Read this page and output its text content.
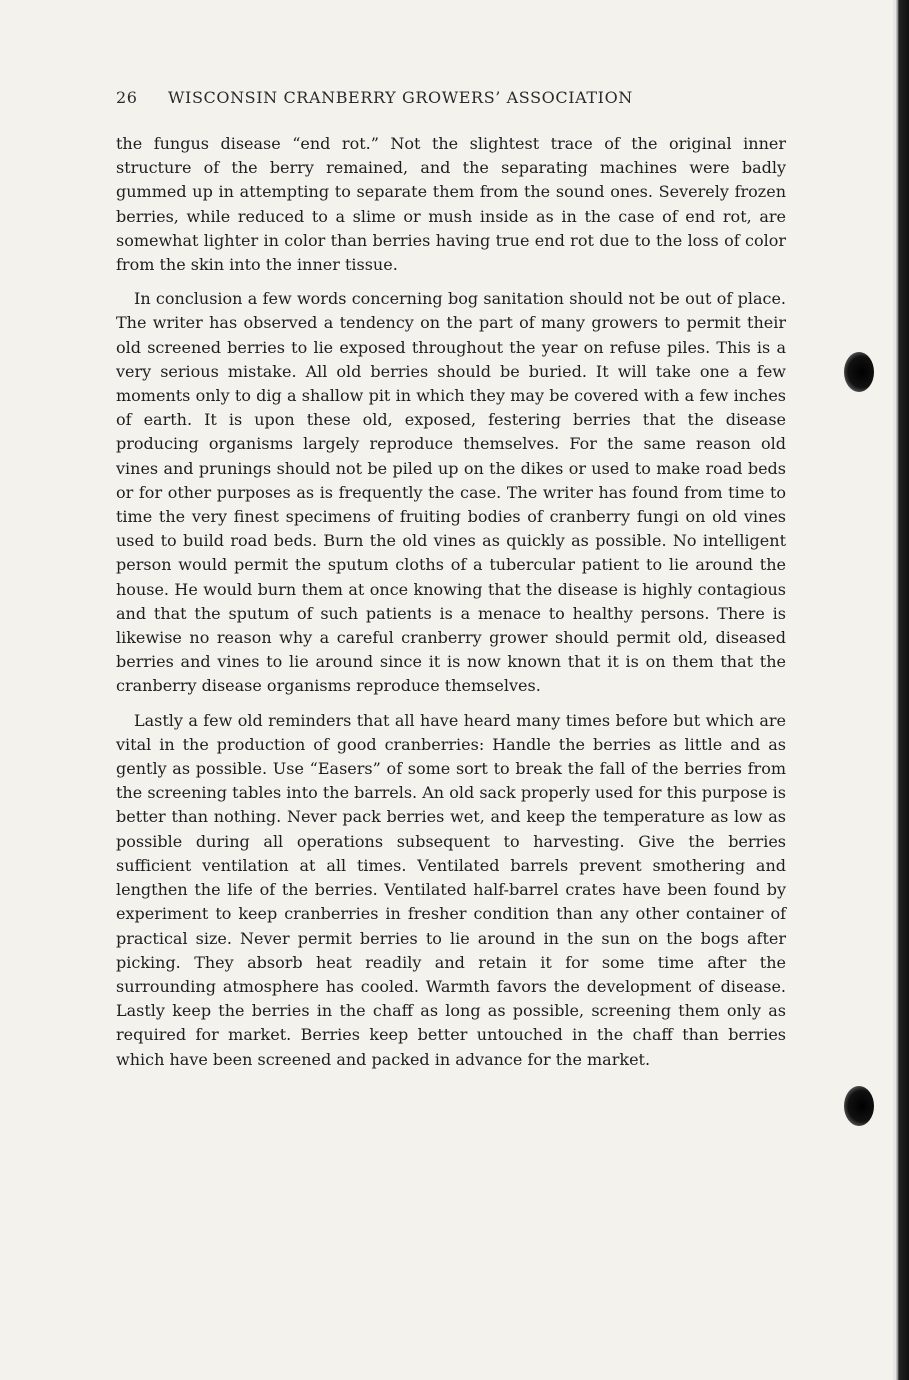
26 WISCONSIN CRANBERRY GROWERS’ ASSOCIATION

the fungus disease “end rot.” Not the slightest trace of the original inner structure of the berry remained, and the separating machines were badly gummed up in attempting to separate them from the sound ones. Severely frozen berries, while reduced to a slime or mush inside as in the case of end rot, are somewhat lighter in color than berries having true end rot due to the loss of color from the skin into the inner tissue.

In conclusion a few words concerning bog sanitation should not be out of place. The writer has observed a tendency on the part of many growers to permit their old screened berries to lie exposed throughout the year on refuse piles. This is a very serious mistake. All old berries should be buried. It will take one a few moments only to dig a shallow pit in which they may be covered with a few inches of earth. It is upon these old, exposed, festering berries that the disease producing organisms largely reproduce themselves. For the same reason old vines and prunings should not be piled up on the dikes or used to make road beds or for other purposes as is frequently the case. The writer has found from time to time the very finest specimens of fruiting bodies of cranberry fungi on old vines used to build road beds. Burn the old vines as quickly as possible. No intelligent person would permit the sputum cloths of a tubercular patient to lie around the house. He would burn them at once knowing that the disease is highly contagious and that the sputum of such patients is a menace to healthy persons. There is likewise no reason why a careful cranberry grower should permit old, diseased berries and vines to lie around since it is now known that it is on them that the cranberry disease organisms reproduce themselves.

Lastly a few old reminders that all have heard many times before but which are vital in the production of good cranberries: Handle the berries as little and as gently as possible. Use “Easers” of some sort to break the fall of the berries from the screening tables into the barrels. An old sack properly used for this purpose is better than nothing. Never pack berries wet, and keep the temperature as low as possible during all operations subsequent to harvesting. Give the berries sufficient ventilation at all times. Ventilated barrels prevent smothering and lengthen the life of the berries. Ventilated half-barrel crates have been found by experiment to keep cranberries in fresher condition than any other container of practical size. Never permit berries to lie around in the sun on the bogs after picking. They absorb heat readily and retain it for some time after the surrounding atmosphere has cooled. Warmth favors the development of disease. Lastly keep the berries in the chaff as long as possible, screening them only as required for market. Berries keep better untouched in the chaff than berries which have been screened and packed in advance for the market.
